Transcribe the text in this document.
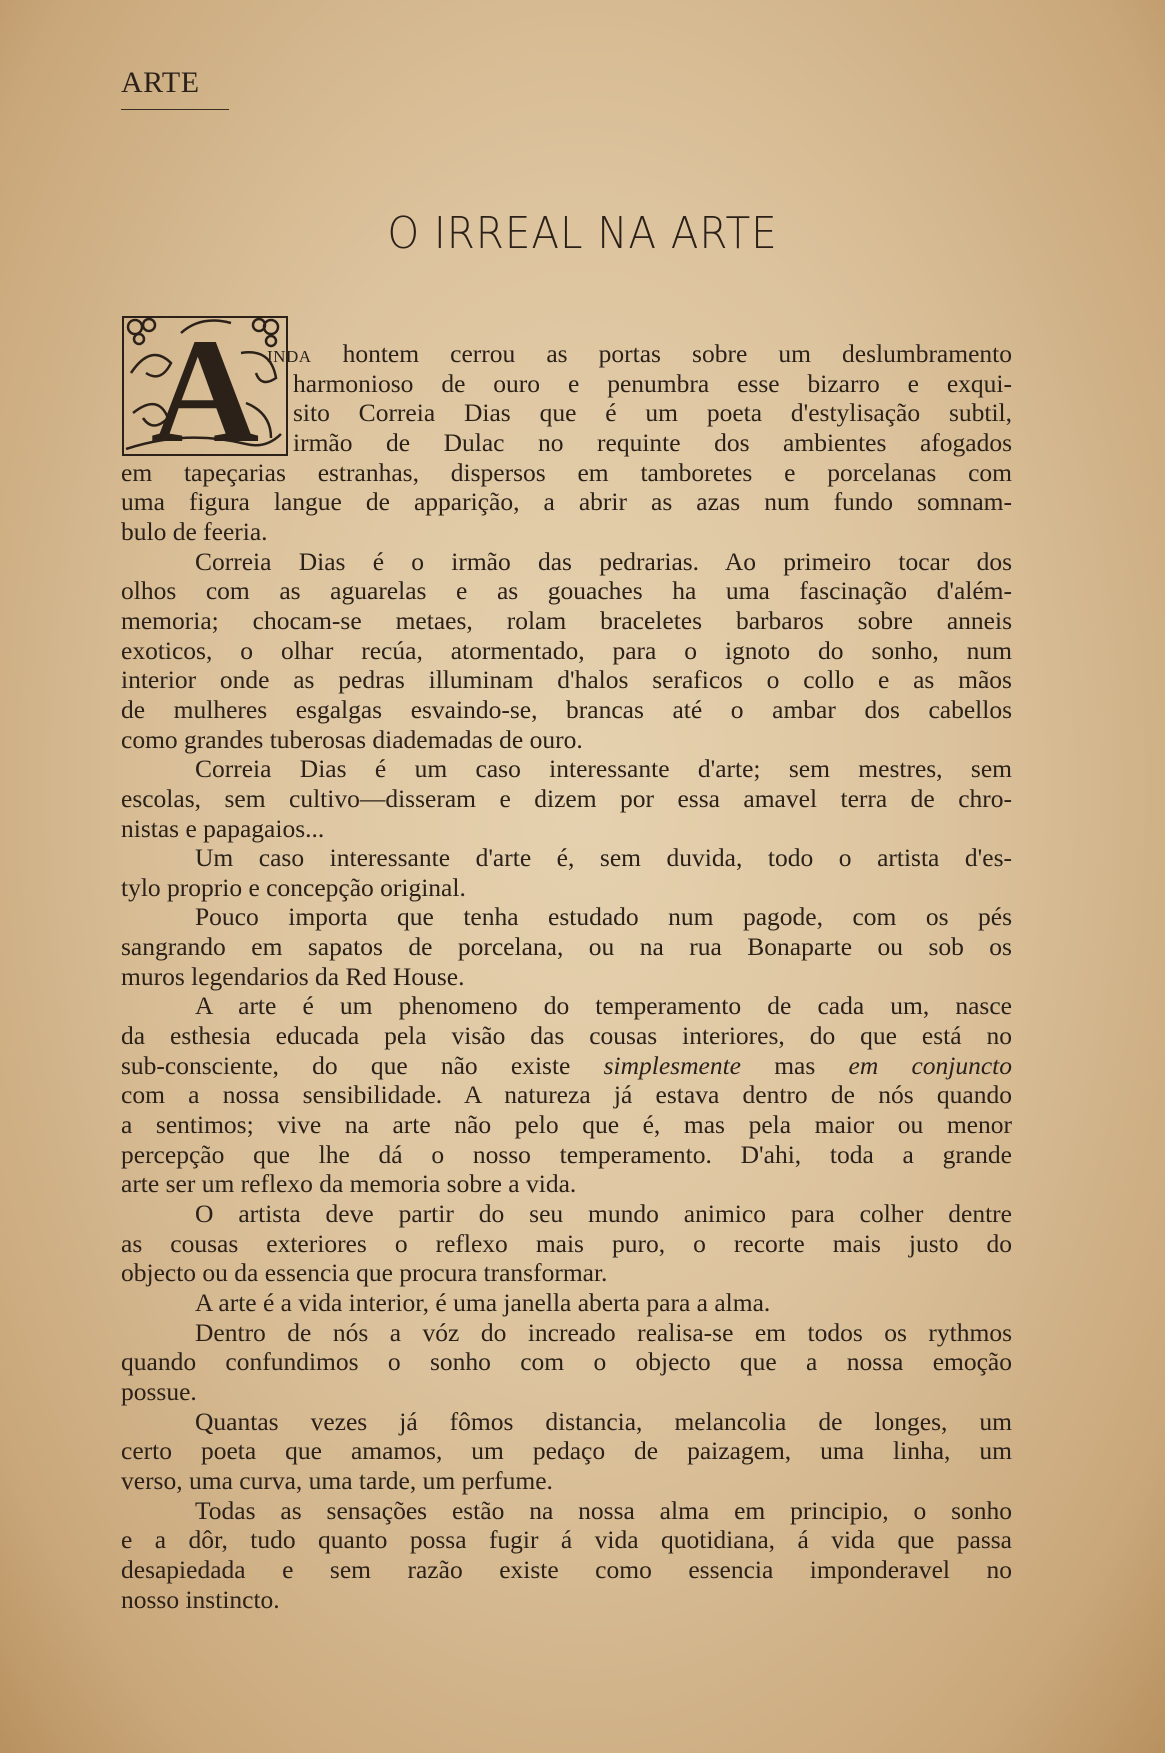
ARTE
O IRREAL NA ARTE
A INDA hontem cerrou as portas sobre um deslumbramento
harmonioso de ouro e penumbra esse bizarro e exqui-
sito Correia Dias que é um poeta d'estylisação subtil,
irmão de Dulac no requinte dos ambientes afogados
em tapeçarias estranhas, dispersos em tamboretes e porcelanas com
uma figura langue de apparição, a abrir as azas num fundo somnam-
bulo de feeria.
Correia Dias é o irmão das pedrarias. Ao primeiro tocar dos
olhos com as aguarelas e as gouaches ha uma fascinação d'além-
memoria; chocam-se metaes, rolam braceletes barbaros sobre anneis
exoticos, o olhar recúa, atormentado, para o ignoto do sonho, num
interior onde as pedras illuminam d'halos seraficos o collo e as mãos
de mulheres esgalgas esvaindo-se, brancas até o ambar dos cabellos
como grandes tuberosas diademadas de ouro.
Correia Dias é um caso interessante d'arte; sem mestres, sem
escolas, sem cultivo—disseram e dizem por essa amavel terra de chro-
nistas e papagaios...
Um caso interessante d'arte é, sem duvida, todo o artista d'es-
tylo proprio e concepção original.
Pouco importa que tenha estudado num pagode, com os pés
sangrando em sapatos de porcelana, ou na rua Bonaparte ou sob os
muros legendarios da Red House.
A arte é um phenomeno do temperamento de cada um, nasce
da esthesia educada pela visão das cousas interiores, do que está no
sub-consciente, do que não existe simplesmente mas em conjuncto
com a nossa sensibilidade. A natureza já estava dentro de nós quando
a sentimos; vive na arte não pelo que é, mas pela maior ou menor
percepção que lhe dá o nosso temperamento. D'ahi, toda a grande
arte ser um reflexo da memoria sobre a vida.
O artista deve partir do seu mundo animico para colher dentre
as cousas exteriores o reflexo mais puro, o recorte mais justo do
objecto ou da essencia que procura transformar.
A arte é a vida interior, é uma janella aberta para a alma.
Dentro de nós a vóz do increado realisa-se em todos os rythmos
quando confundimos o sonho com o objecto que a nossa emoção
possue.
Quantas vezes já fômos distancia, melancolia de longes, um
certo poeta que amamos, um pedaço de paizagem, uma linha, um
verso, uma curva, uma tarde, um perfume.
Todas as sensações estão na nossa alma em principio, o sonho
e a dôr, tudo quanto possa fugir á vida quotidiana, á vida que passa
desapiedada e sem razão existe como essencia imponderavel no
nosso instincto.
